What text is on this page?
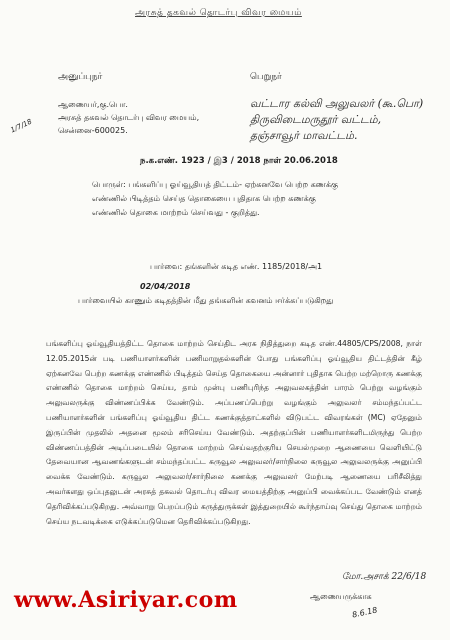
அரசுத் தகவல் தொடர்பு விவர மையம்
அனுப்புநர்	பெறுநர்
ஆணையர்,கு.பொ.
அரசுத் தகவல் தொடர்பு விவர மையம்,
சென்னை-600025.
வட்டார கல்வி அலுவலர் (கூ.பொ)
திருவிடைமருதூர் வட்டம்,
தஞ்சாவூர் மாவட்டம்.
1/7/18
ந.க.எண். 1923 / இ3 / 2018 நாள் 20.06.2018
பொருள்: பங்களிப்பு ஓய்வூதியத் திட்டம்- ஏற்கனவே பெற்ற கணக்கு எண்ணில் பிடித்தம் செய்த தொகையை புதிதாக பெற்ற கணக்கு எண்ணில் தொகை மாற்றம் செய்வது - குறித்து.
பார்வை: தங்களின் கடித எண். 1185/2018/அ1
02/04/2018
பார்வையில் காணும் கடிதத்தின் மீது தங்களின் கவனம் ஈர்க்கப்படுகிறது
பங்களிப்பு ஓய்வூதியத்திட்ட தொகை மாற்றம் செய்திட அரசு நிதித்துறை கடித எண்.44805/CPS/2008, நாள் 12.05.2015ன் படி பணியாளர்களின் பணிமாறுதல்களின் போது பங்களிப்பு ஓய்வூதிய திட்டத்தின் கீழ் ஏற்கனவே பெற்ற கணக்கு எண்ணில் பிடித்தம் செய்த தொகையை அன்னார் புதிதாக பெற்ற மற்றொரு கணக்கு எண்ணில் தொகை மாற்றம் செய்ய, தாம் முன்பு பணிபுரிந்த அலுவலகத்தின் பாரம் பெற்று வழங்கும் அலுவலருக்கு விண்ணப்பிக்க வேண்டும். அப்பணப்பெற்று வழங்கும் அலுவலர் சம்மந்தப்பட்ட பணியாளர்களின் பங்களிப்பு ஓய்வூதிய திட்ட கணக்குத்தாட்களில் விடுபட்ட விவரங்கள் (MC) ஏதேனும் இருப்பின் முதலில் அதனை மூலம் சரிசெய்ய வேண்டும். அதற்குப்பின் பணியாளர்களிடமிருந்து பெற்ற விண்ணப்பத்தின் அடிப்படையில் தொகை மாற்றம் செய்வதற்குரிய செயல்முறை ஆணையை வெளியிட்டு தேவையான ஆவணங்களுடன் சம்மந்தப்பட்ட கருவூல அலுவலர்/சார்நிலை கருவூல அலுவலருக்கு அனுப்பி வைக்க வேண்டும். கருவூல அலுவலர்/சார்நிலை கணக்கு அலுவலர் மேற்படி ஆணையை பரிசீலித்து அவர்களது ஒப்புதலுடன் அரசுத் தகவல் தொடர்பு விவர மையத்திற்கு அனுப்பி வைக்கப்பட வேண்டும் எனத் தெரிவிக்கப்படுகிறது. அவ்வாறு பெறப்படும் கருத்துருக்கள் இத்துறையில் கூர்ந்தாய்வு செய்து தொகை மாற்றம் செய்ய நடவடிக்கை எடுக்கப்படுமென தெரிவிக்கப்படுகிறது.
www.Asiriyar.com
மோ.அசாக் 22/6/18
ஆணையருக்காக
8.6.18
